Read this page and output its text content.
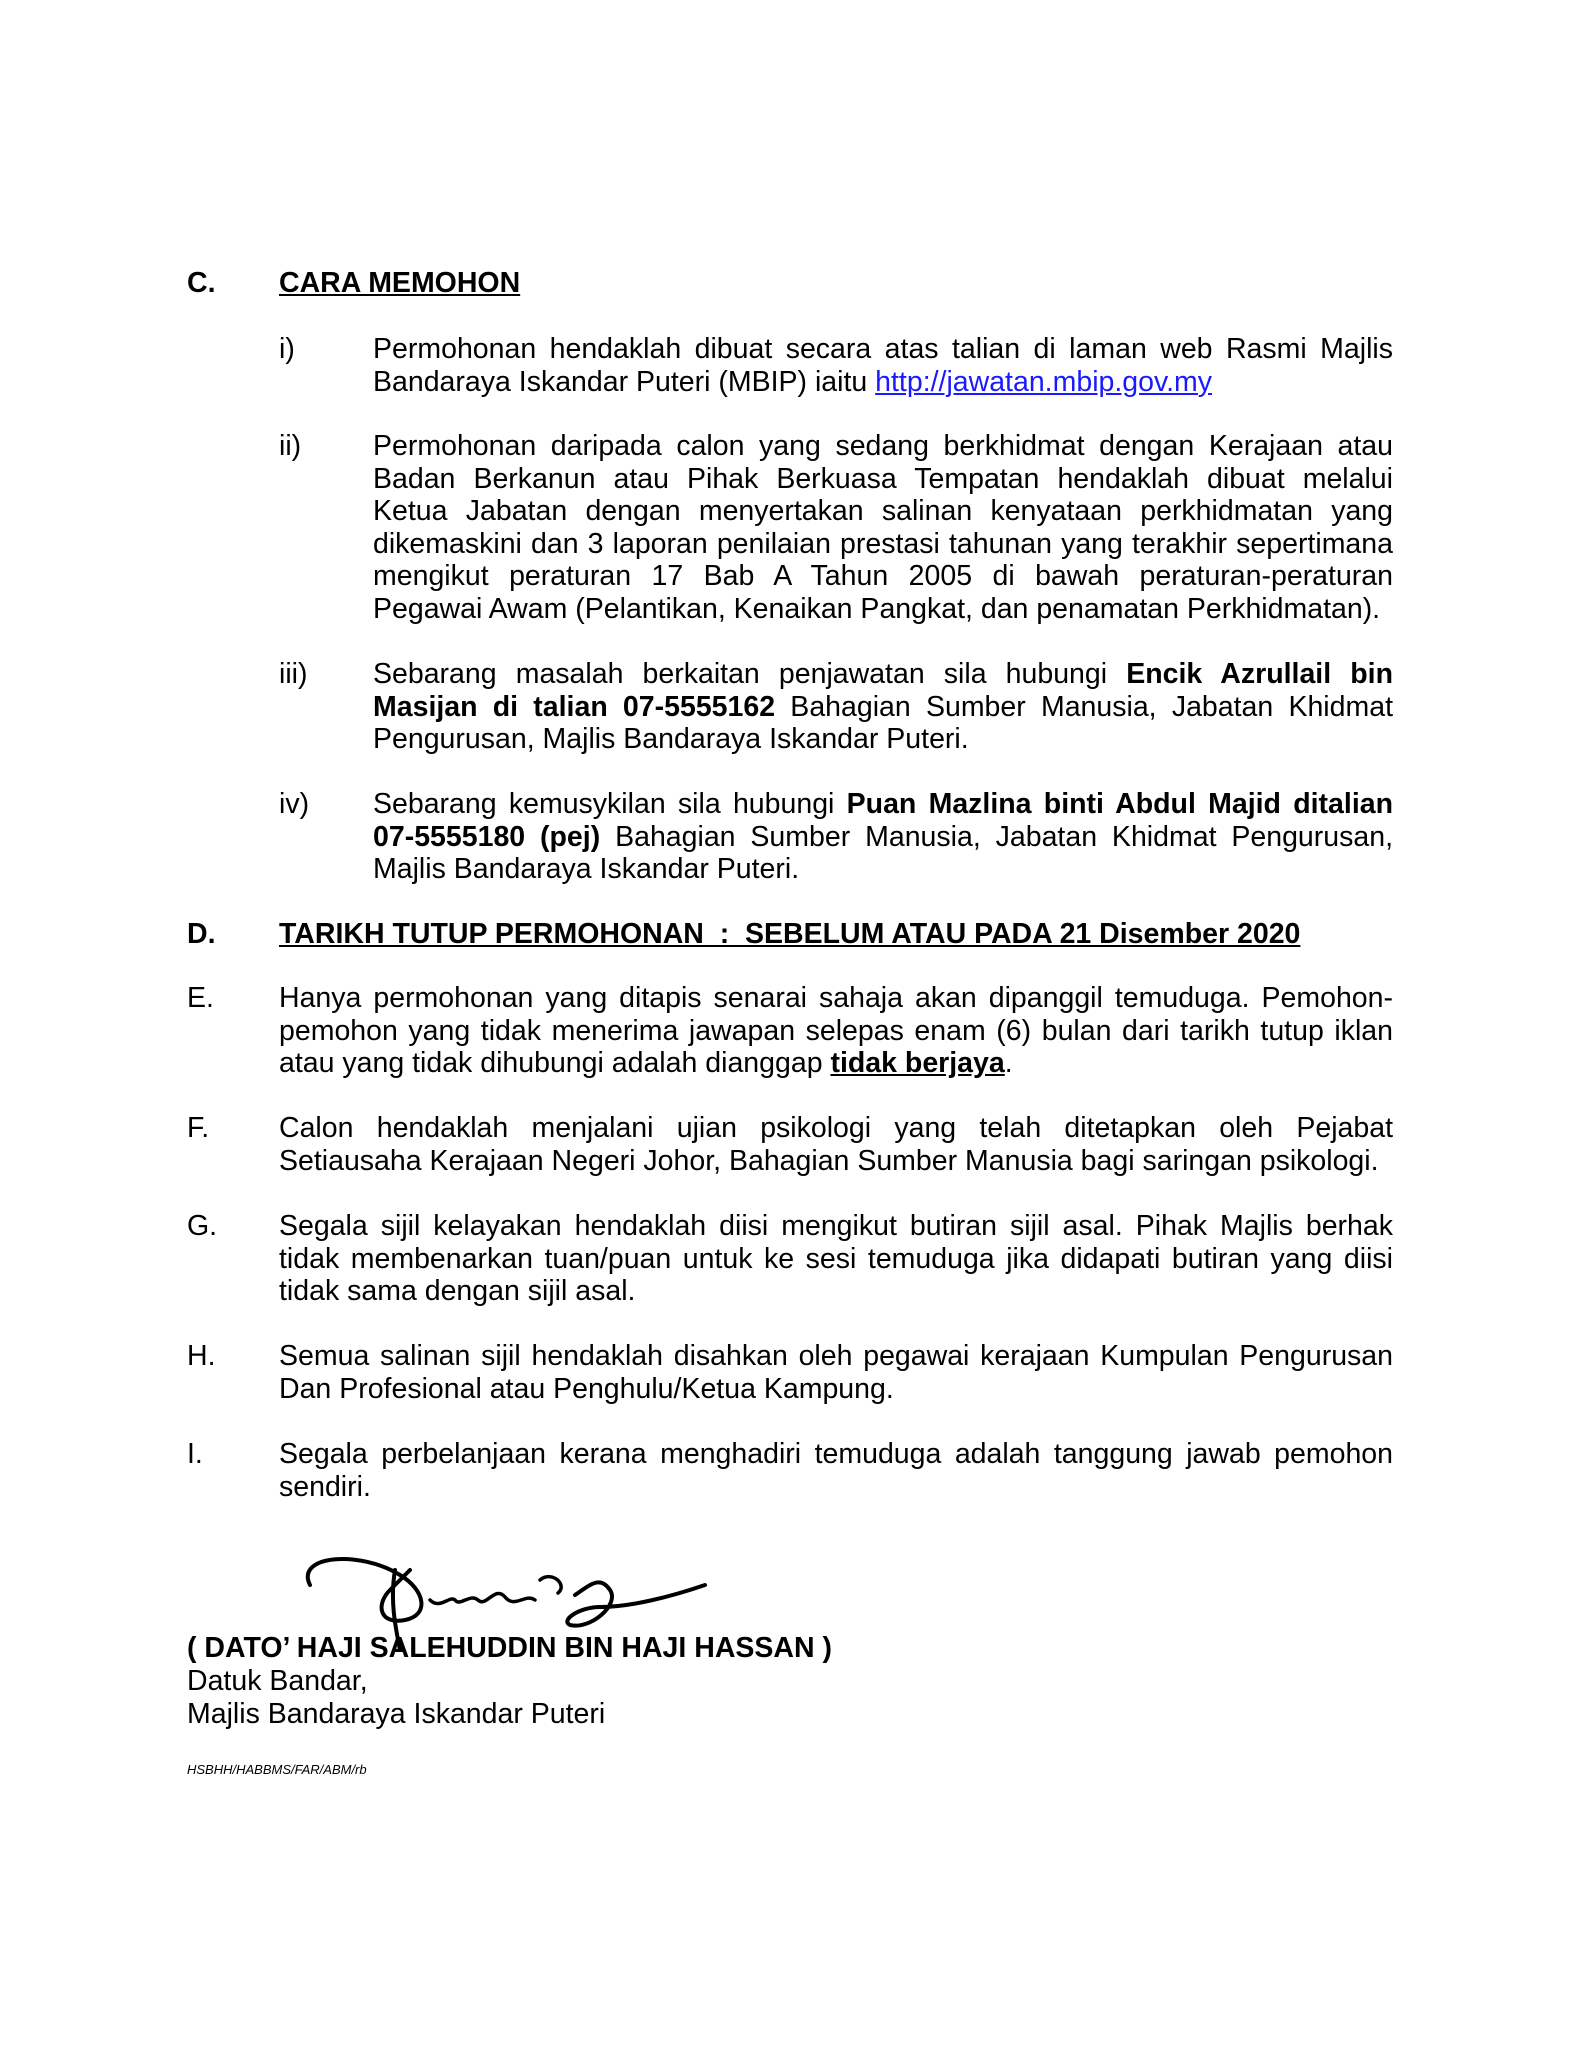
C. CARA MEMOHON
i)	Permohonan hendaklah dibuat secara atas talian di laman web Rasmi Majlis Bandaraya Iskandar Puteri (MBIP) iaitu http://jawatan.mbip.gov.my
ii)	Permohonan daripada calon yang sedang berkhidmat dengan Kerajaan atau Badan Berkanun atau Pihak Berkuasa Tempatan hendaklah dibuat melalui Ketua Jabatan dengan menyertakan salinan kenyataan perkhidmatan yang dikemaskini dan 3 laporan penilaian prestasi tahunan yang terakhir sepertimana mengikut peraturan 17 Bab A Tahun 2005 di bawah peraturan-peraturan Pegawai Awam (Pelantikan, Kenaikan Pangkat, dan penamatan Perkhidmatan).
iii) Sebarang masalah berkaitan penjawatan sila hubungi Encik Azrullail bin Masijan di talian 07-5555162 Bahagian Sumber Manusia, Jabatan Khidmat Pengurusan, Majlis Bandaraya Iskandar Puteri.
iv) Sebarang kemusykilan sila hubungi Puan Mazlina binti Abdul Majid ditalian 07-5555180 (pej) Bahagian Sumber Manusia, Jabatan Khidmat Pengurusan, Majlis Bandaraya Iskandar Puteri.
D. TARIKH TUTUP PERMOHONAN  :  SEBELUM ATAU PADA 21 Disember 2020
E. Hanya permohonan yang ditapis senarai sahaja akan dipanggil temuduga. Pemohon-pemohon yang tidak menerima jawapan selepas enam (6) bulan dari tarikh tutup iklan atau yang tidak dihubungi adalah dianggap tidak berjaya.
F. Calon hendaklah menjalani ujian psikologi yang telah ditetapkan oleh Pejabat Setiausaha Kerajaan Negeri Johor, Bahagian Sumber Manusia bagi saringan psikologi.
G. Segala sijil kelayakan hendaklah diisi mengikut butiran sijil asal. Pihak Majlis berhak tidak membenarkan tuan/puan untuk ke sesi temuduga jika didapati butiran yang diisi tidak sama dengan sijil asal.
H. Semua salinan sijil hendaklah disahkan oleh pegawai kerajaan Kumpulan Pengurusan Dan Profesional atau Penghulu/Ketua Kampung.
I.	Segala perbelanjaan kerana menghadiri temuduga adalah tanggung jawab pemohon sendiri.
( DATO’ HAJI SALEHUDDIN BIN HAJI HASSAN )
Datuk Bandar,
Majlis Bandaraya Iskandar Puteri
HSBHH/HABBMS/FAR/ABM/rb
